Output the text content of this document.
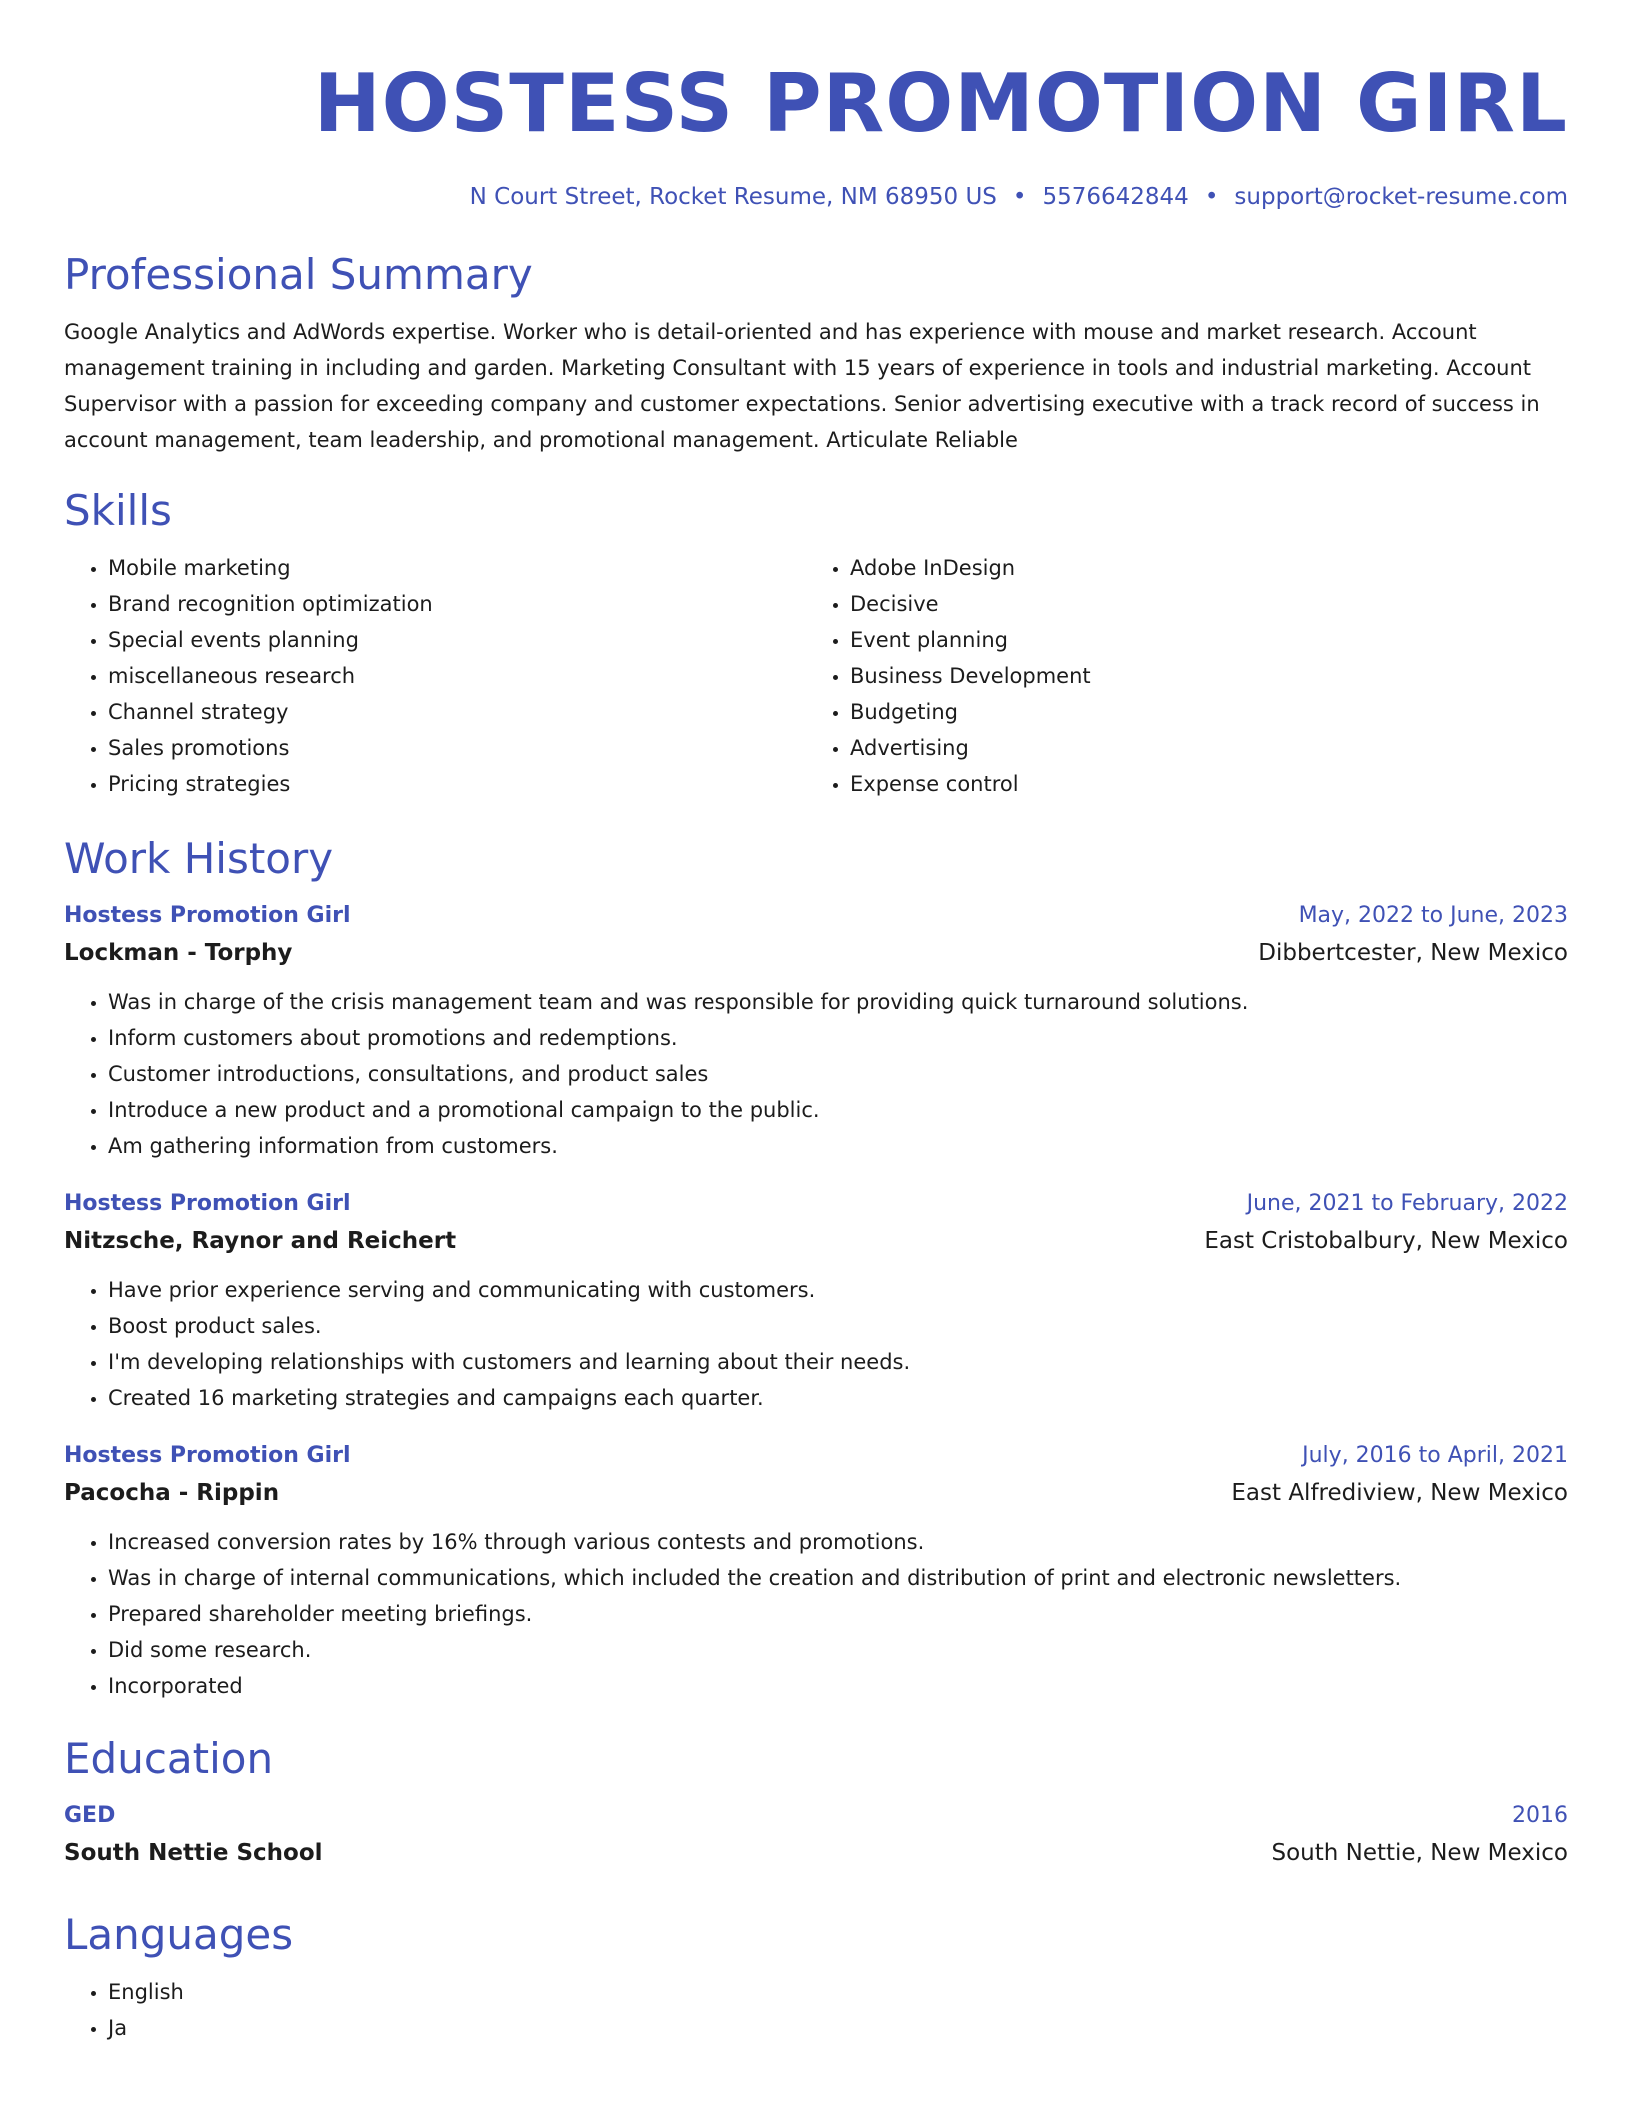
HOSTESS PROMOTION GIRL
N Court Street, Rocket Resume, NM 68950 US • 5576642844 • support@rocket-resume.com
Professional Summary
Google Analytics and AdWords expertise. Worker who is detail-oriented and has experience with mouse and market research. Account management training in including and garden. Marketing Consultant with 15 years of experience in tools and industrial marketing. Account Supervisor with a passion for exceeding company and customer expectations. Senior advertising executive with a track record of success in account management, team leadership, and promotional management. Articulate Reliable
Skills
• Mobile marketing
• Brand recognition optimization
• Special events planning
• miscellaneous research
• Channel strategy
• Sales promotions
• Pricing strategies
• Adobe InDesign
• Decisive
• Event planning
• Business Development
• Budgeting
• Advertising
• Expense control
Work History
Hostess Promotion Girl	May, 2022 to June, 2023
Lockman - Torphy	Dibbertcester, New Mexico
• Was in charge of the crisis management team and was responsible for providing quick turnaround solutions.
• Inform customers about promotions and redemptions.
• Customer introductions, consultations, and product sales
• Introduce a new product and a promotional campaign to the public.
• Am gathering information from customers.
Hostess Promotion Girl	June, 2021 to February, 2022
Nitzsche, Raynor and Reichert	East Cristobalbury, New Mexico
• Have prior experience serving and communicating with customers.
• Boost product sales.
• I'm developing relationships with customers and learning about their needs.
• Created 16 marketing strategies and campaigns each quarter.
Hostess Promotion Girl	July, 2016 to April, 2021
Pacocha - Rippin	East Alfrediview, New Mexico
• Increased conversion rates by 16% through various contests and promotions.
• Was in charge of internal communications, which included the creation and distribution of print and electronic newsletters.
• Prepared shareholder meeting briefings.
• Did some research.
• Incorporated
Education
GED	2016
South Nettie School	South Nettie, New Mexico
Languages
• English
• Ja
